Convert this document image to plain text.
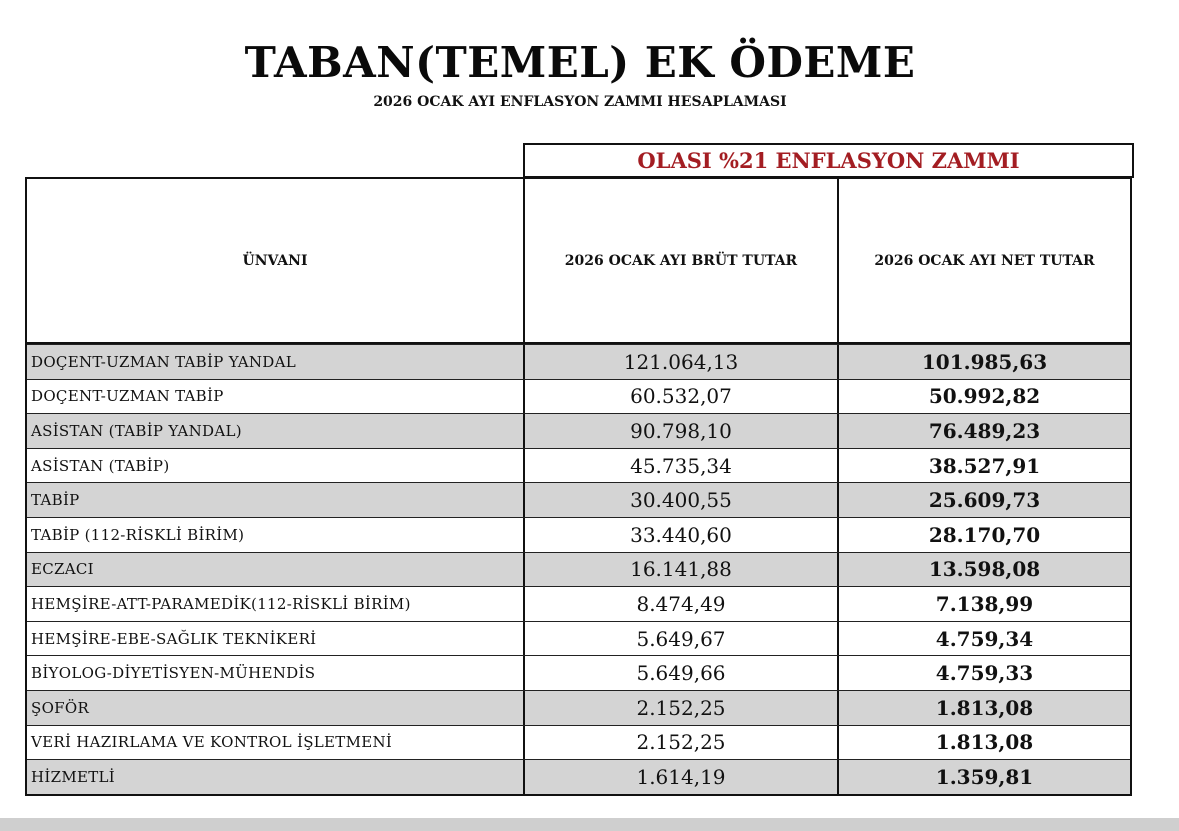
TABAN(TEMEL) EK ÖDEME
2026 OCAK AYI ENFLASYON ZAMMI HESAPLAMASI
OLASI %21 ENFLASYON ZAMMI
ÜNVANI	2026 OCAK AYI BRÜT TUTAR	2026 OCAK AYI NET TUTAR
DOÇENT-UZMAN TABİP YANDAL	121.064,13	101.985,63
DOÇENT-UZMAN TABİP	60.532,07	50.992,82
ASİSTAN (TABİP YANDAL)	90.798,10	76.489,23
ASİSTAN (TABİP)	45.735,34	38.527,91
TABİP	30.400,55	25.609,73
TABİP (112-RİSKLİ BİRİM)	33.440,60	28.170,70
ECZACI	16.141,88	13.598,08
HEMŞİRE-ATT-PARAMEDİK(112-RİSKLİ BİRİM)	8.474,49	7.138,99
HEMŞİRE-EBE-SAĞLIK TEKNİKERİ	5.649,67	4.759,34
BİYOLOG-DİYETİSYEN-MÜHENDİS	5.649,66	4.759,33
ŞOFÖR	2.152,25	1.813,08
VERİ HAZIRLAMA VE KONTROL İŞLETMENİ	2.152,25	1.813,08
HİZMETLİ	1.614,19	1.359,81
